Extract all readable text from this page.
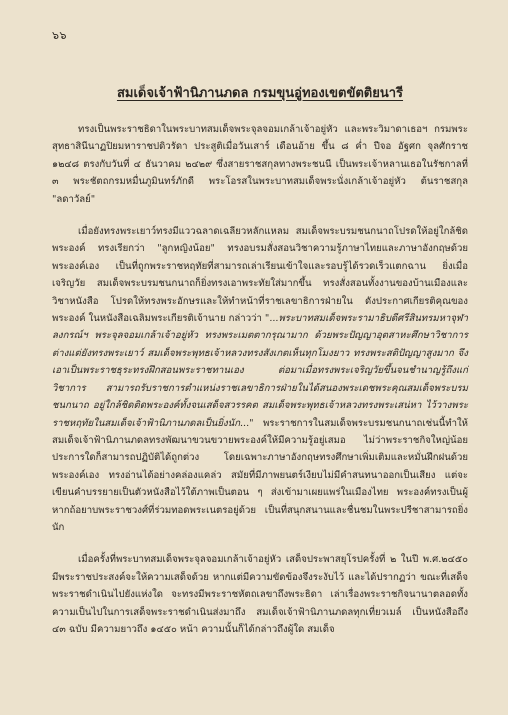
๖๖
สมเด็จเจ้าฟ้านิภานภดล กรมขุนอู่ทองเขตขัตติยนารี

ทรงเป็นพระราชธิดาในพระบาทสมเด็จพระจุลจอมเกล้าเจ้าอยู่หัว และพระวิมาดาเธอฯ กรมพระสุทธาสินีนาฏปิยมหาราชปดิวรัดา ประสูติเมื่อวันเสาร์ เดือนอ้าย ขึ้น ๘ ค่ำ ปีจอ อัฐศก จุลศักราช ๑๒๔๘ ตรงกับวันที่ ๔ ธันวาคม ๒๔๒๙ ซึ่งสายราชสกุลทางพระชนนี เป็นพระเจ้าหลานเธอในรัชกาลที่ ๓ พระชัตถกรมหมื่นภูมินทร์ภักดี พระโอรสในพระบาทสมเด็จพระนั่งเกล้าเจ้าอยู่หัว ต้นราชสกุล "ลดาวัลย์"

เมื่อยังทรงพระเยาว์ทรงมีแววฉลาดเฉลียวหลักแหลม สมเด็จพระบรมชนกนาถโปรดให้อยู่ใกล้ชิดพระองค์ ทรงเรียกว่า "ลูกหญิงน้อย" ทรงอบรมสั่งสอนวิชาความรู้ภาษาไทยและภาษาอังกฤษด้วยพระองค์เอง เป็นที่ถูกพระราชหฤทัยที่สามารถเล่าเรียนเข้าใจและรอบรู้ได้รวดเร็วแตกฉาน ยิ่งเมื่อเจริญวัย สมเด็จพระบรมชนกนาถก็ยิ่งทรงเอาพระทัยใส่มากขึ้น ทรงสั่งสอนทั้งงานของบ้านเมืองและวิชาหนังสือ โปรดให้ทรงพระอักษรและให้ทำหน้าที่ราชเลขาธิการฝ่ายใน ดังประกาศเกียรติคุณของพระองค์ ในหนังสือเฉลิมพระเกียรติเจ้านาย กล่าวว่า "...พระบาทสมเด็จพระรามาธิบดีศรีสินทรมหาจุฬาลงกรณ์ฯ พระจุลจอมเกล้าเจ้าอยู่หัว ทรงพระเมตตากรุณามาก ด้วยพระปัญญาอุตสาหะศึกษาวิชาการต่างแต่ยังทรงพระเยาว์ สมเด็จพระพุทธเจ้าหลวงทรงสังเกตเห็นทุกโมงยาว ทรงพระสติปัญญาสูงมาก จึงเอาเป็นพระราชธุระทรงฝึกสอนพระราชทานเอง ต่อมาเมื่อทรงพระเจริญวัยขึ้นจนชำนาญรู้ถึงแก่วิชาการ สามารถรับราชการตำแหน่งราชเลขาธิการฝ่ายในได้สนองพระเดชพระคุณสมเด็จพระบรมชนกนาถ อยู่ใกล้ชิดติดพระองค์ทั้งจนเสด็จสวรรคต สมเด็จพระพุทธเจ้าหลวงทรงพระเสน่หา ไว้วางพระราชหฤทัยในสมเด็จเจ้าฟ้านิภานภดลเป็นยิ่งนัก..." พระราชการในสมเด็จพระบรมชนกนาถเช่นนี้ทำให้สมเด็จเจ้าฟ้านิภานภดลทรงพัฒนาขวนขวายพระองค์ให้มีความรู้อยู่เสมอ ไม่ว่าพระราชกิจใหญ่น้อยประการใดก็สามารถปฏิบัติได้ถูกต่วง โดยเฉพาะภาษาอังกฤษทรงศึกษาเพิ่มเติมและหมั่นฝึกฝนด้วยพระองค์เอง ทรงอ่านได้อย่างคล่องแคล่ว สมัยที่มีภาพยนตร์เงียบไม่มีคำสนทนาออกเป็นเสียง แต่จะเขียนคำบรรยายเป็นตัวหนังสือไว้ใต้ภาพเป็นตอน ๆ ส่งเข้ามาเผยแพร่ในเมืองไทย พระองค์ทรงเป็นผู้หากถ้อยาบพระราชวงศ์ที่ร่วมทอดพระเนตรอยู่ด้วย เป็นที่สนุกสนานและชื่นชมในพระปรีชาสามารถยิ่งนัก

เมื่อครั้งที่พระบาทสมเด็จพระจุลจอมเกล้าเจ้าอยู่หัว เสด็จประพาสยุโรปครั้งที่ ๒ ในปี พ.ศ.๒๔๕๐ มีพระราชประสงค์จะให้ความเสด็จด้วย หากแต่มีความขัดข้องจึงระงับไว้ และได้ปรากฏว่า ขณะที่เสด็จพระราชดำเนินไปยังแห่งใด จะทรงมีพระราชหัตถเลขาถึงพระธิดา เล่าเรื่องพระราชกิจนานาตลอดทั้งความเป็นไปในการเสด็จพระราชดำเนินส่งมาถึง สมเด็จเจ้าฟ้านิภานภดลทุกเที่ยวเมล์ เป็นหนังสือถึง ๔๓ ฉบับ มีความยาวถึง ๑๔๕๐ หน้า ความนั้นก็ได้กล่าวถึงผู้ใด สมเด็จ
